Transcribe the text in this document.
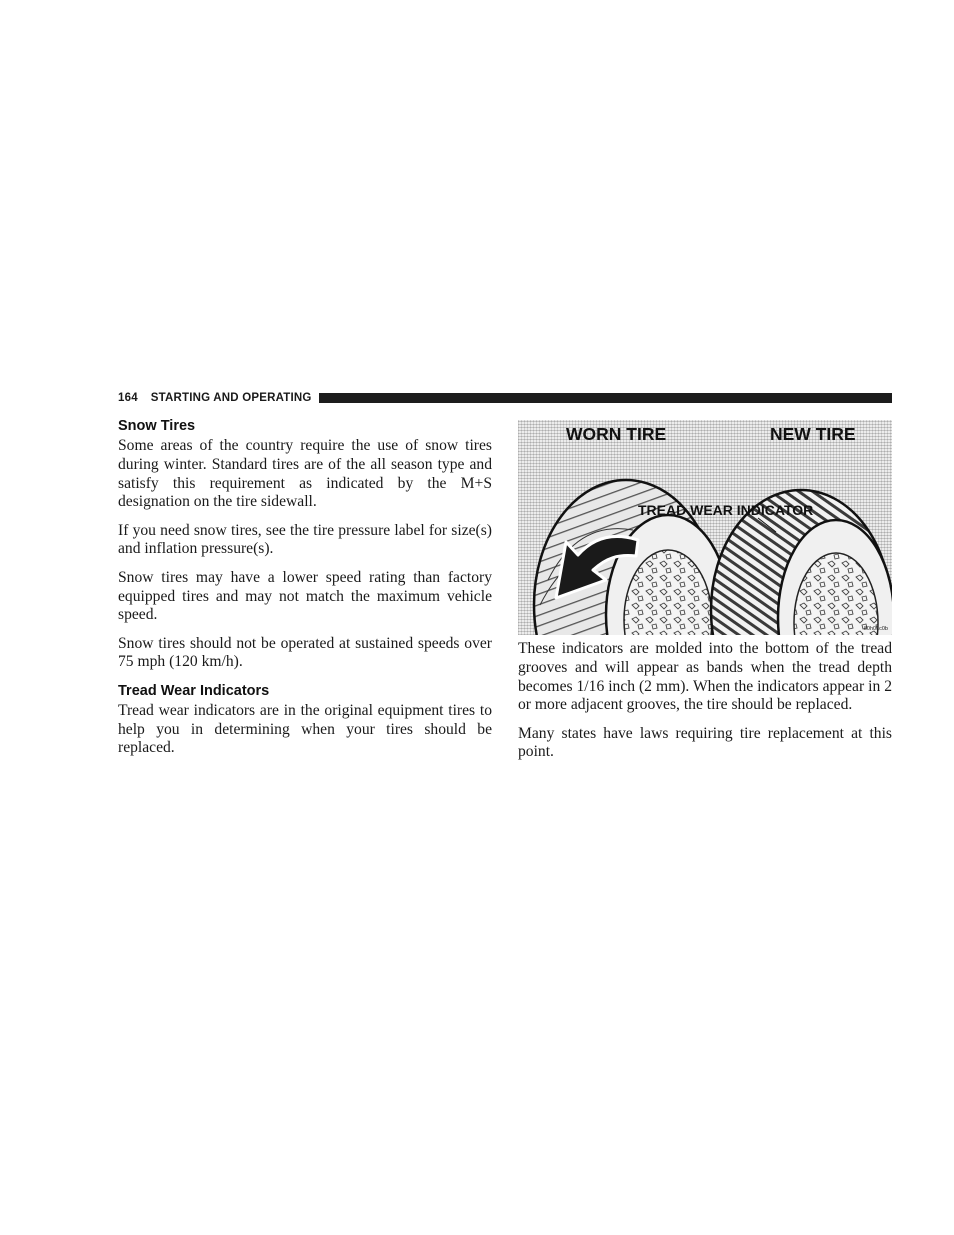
164 STARTING AND OPERATING
Snow Tires

Some areas of the country require the use of snow tires during winter. Standard tires are of the all season type and satisfy this requirement as indicated by the M+S designation on the tire sidewall.

If you need snow tires, see the tire pressure label for size(s) and inflation pressure(s).

Snow tires may have a lower speed rating than factory equipped tires and may not match the maximum vehicle speed.

Snow tires should not be operated at sustained speeds over 75 mph (120 km/h).

Tread Wear Indicators

Tread wear indicators are in the original equipment tires to help you in determining when your tires should be replaced.

WORN TIRE	NEW TIRE
TREAD WEAR INDICATOR
80h01c0b

These indicators are molded into the bottom of the tread grooves and will appear as bands when the tread depth becomes 1/16 inch (2 mm). When the indicators appear in 2 or more adjacent grooves, the tire should be replaced.

Many states have laws requiring tire replacement at this point.
